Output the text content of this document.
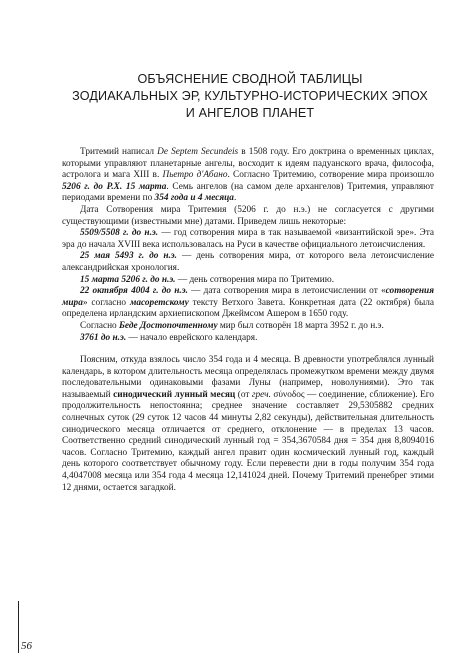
ОБЪЯСНЕНИЕ СВОДНОЙ ТАБЛИЦЫ
ЗОДИАКАЛЬНЫХ ЭР, КУЛЬТУРНО-ИСТОРИЧЕСКИХ ЭПОХ
И АНГЕЛОВ ПЛАНЕТ

Тритемий написал De Septem Secundeis в 1508 году. Его доктрина о временных циклах, которыми управляют планетарные ангелы, восходит к идеям падуанского врача, философа, астролога и мага XIII в. Пьетро д'Абано. Согласно Тритемию, сотворение мира произошло 5206 г. до Р.Х. 15 марта. Семь ангелов (на самом деле архангелов) Тритемия, управляют периодами времени по 354 года и 4 месяца.

Дата Сотворения мира Тритемия (5206 г. до н.э.) не согласуется с другими существующими (известными мне) датами. Приведем лишь некоторые:

5509/5508 г. до н.э. — год сотворения мира в так называемой «византийской эре». Эта эра до начала XVIII века использовалась на Руси в качестве официального летоисчисления.

25 мая 5493 г. до н.э. — день сотворения мира, от которого вела летоисчисление александрийская хронология.

15 марта 5206 г. до н.э. — день сотворения мира по Тритемию.

22 октября 4004 г. до н.э. — дата сотворения мира в летоисчислении от «сотворения мира» согласно масоретскому тексту Ветхого Завета. Конкретная дата (22 октября) была определена ирландским архиепископом Джеймсом Ашером в 1650 году.

Согласно Беде Достопочтенному мир был сотворён 18 марта 3952 г. до н.э.

3761 до н.э. — начало еврейского календаря.

Поясним, откуда взялось число 354 года и 4 месяца. В древности употреблялся лунный календарь, в котором длительность месяца определялась промежутком времени между двумя последовательными одинаковыми фазами Луны (например, новолуниями). Это так называемый синодический лунный месяц (от греч. σύνοδος — соединение, сближение). Его продолжительность непостоянна; среднее значение составляет 29,5305882 средних солнечных суток (29 суток 12 часов 44 минуты 2,82 секунды), действительная длительность синодического месяца отличается от среднего, отклонение — в пределах 13 часов. Соответственно средний синодический лунный год = 354,3670584 дня = 354 дня 8,8094016 часов. Согласно Тритемию, каждый ангел правит один космический лунный год, каждый день которого соответствует обычному году. Если перевести дни в годы получим 354 года 4,4047008 месяца или 354 года 4 месяца 12,141024 дней. Почему Тритемий пренебрег этими 12 днями, остается загадкой.

56
